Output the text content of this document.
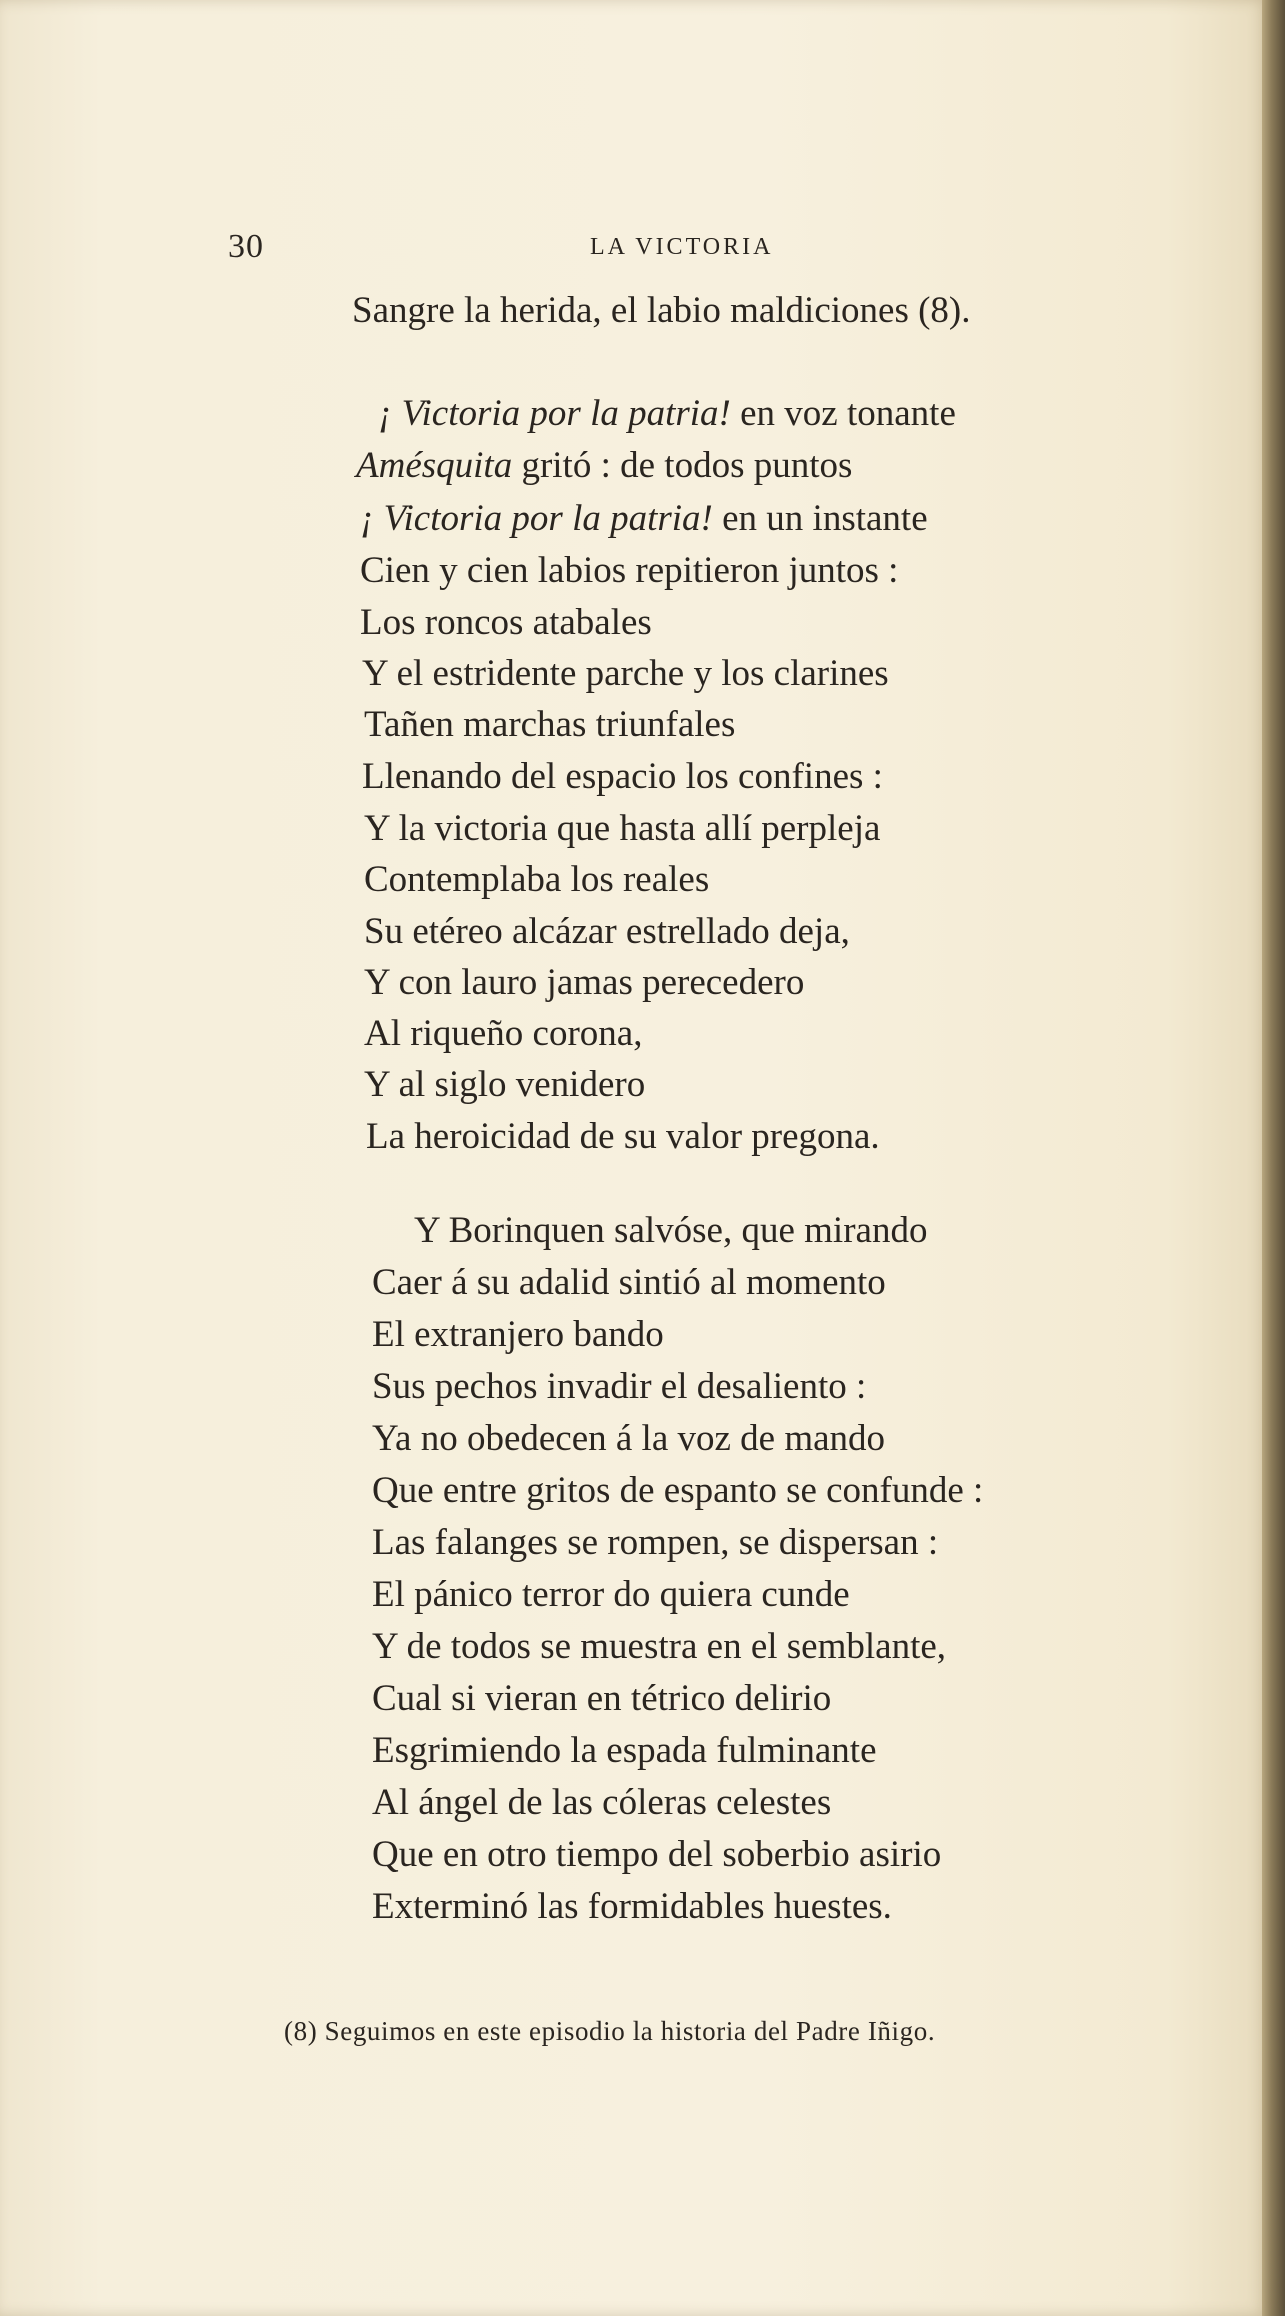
30	LA VICTORIA
Sangre la herida, el labio maldiciones (8).
¡ Victoria por la patria! en voz tonante
Amésquita gritó : de todos puntos
¡ Victoria por la patria! en un instante
Cien y cien labios repitieron juntos :
Los roncos atabales
Y el estridente parche y los clarines
Tañen marchas triunfales
Llenando del espacio los confines :
Y la victoria que hasta allí perpleja
Contemplaba los reales
Su etéreo alcázar estrellado deja,
Y con lauro jamas perecedero
Al riqueño corona,
Y al siglo venidero
La heroicidad de su valor pregona.
Y Borinquen salvóse, que mirando
Caer á su adalid sintió al momento
El extranjero bando
Sus pechos invadir el desaliento :
Ya no obedecen á la voz de mando
Que entre gritos de espanto se confunde :
Las falanges se rompen, se dispersan :
El pánico terror do quiera cunde
Y de todos se muestra en el semblante,
Cual si vieran en tétrico delirio
Esgrimiendo la espada fulminante
Al ángel de las cóleras celestes
Que en otro tiempo del soberbio asirio
Exterminó las formidables huestes.
(8) Seguimos en este episodio la historia del Padre Iñigo.
